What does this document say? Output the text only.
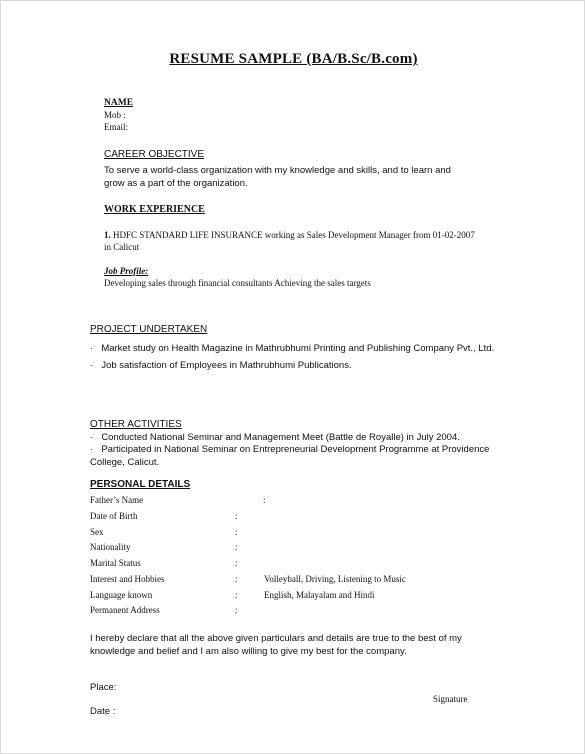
RESUME SAMPLE (BA/B.Sc/B.com)
NAME
Mob :
Email:
CAREER OBJECTIVE
To serve a world-class organization with my knowledge and skills, and to learn and
grow as a part of the organization.
WORK EXPERIENCE
1. HDFC STANDARD LIFE INSURANCE working as Sales Development Manager from 01-02-2007
in Calicut
Job Profile:
Developing sales through financial consultants Achieving the sales targets
PROJECT UNDERTAKEN
· Market study on Health Magazine in Mathrubhumi Printing and Publishing Company Pvt., Ltd.
· Job satisfaction of Employees in Mathrubhumi Publications.
OTHER ACTIVITIES
· Conducted National Seminar and Management Meet (Battle de Royalle) in July 2004.
· Participated in National Seminar on Entrepreneurial Development Programme at Providence
College, Calicut.
PERSONAL DETAILS
Father’s Name	:
Date of Birth	:
Sex	:
Nationality	:
Marital Status	:
Interest and Hobbies	:	Volleyball, Driving, Listening to Music
Language known	:	English, Malayalam and Hindi
Permanent Address	:
I hereby declare that all the above given particulars and details are true to the best of my
knowledge and belief and I am also willing to give my best for the company.
Place:
Signature
Date :
